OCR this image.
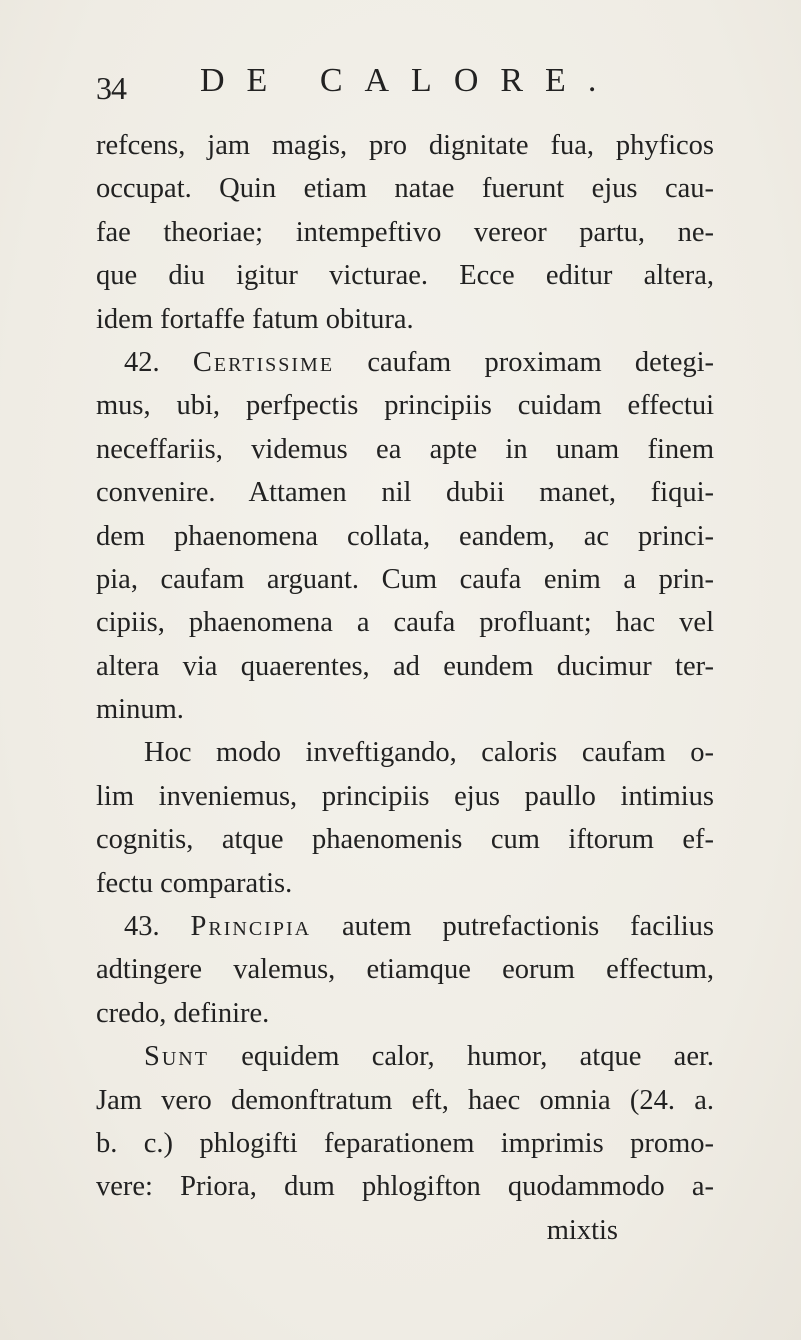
34 DE CALORE.
refcens, jam magis, pro dignitate fua, phyficos
occupat. Quin etiam natae fuerunt ejus cau-
fae theoriae; intempeftivo vereor partu, ne-
que diu igitur victurae. Ecce editur altera,
idem fortaffe fatum obitura.
42. Certissime caufam proximam detegi-
mus, ubi, perfpectis principiis cuidam effectui
neceffariis, videmus ea apte in unam finem
convenire. Attamen nil dubii manet, fiqui-
dem phaenomena collata, eandem, ac princi-
pia, caufam arguant. Cum caufa enim a prin-
cipiis, phaenomena a caufa profluant; hac vel
altera via quaerentes, ad eundem ducimur ter-
minum.
Hoc modo inveftigando, caloris caufam o-
lim inveniemus, principiis ejus paullo intimius
cognitis, atque phaenomenis cum iftorum ef-
fectu comparatis.
43. Principia autem putrefactionis facilius
adtingere valemus, etiamque eorum effectum,
credo, definire.
Sunt equidem calor, humor, atque aer.
Jam vero demonftratum eft, haec omnia (24. a.
b. c.) phlogifti feparationem imprimis promo-
vere: Priora, dum phlogifton quodammodo a-
mixtis
